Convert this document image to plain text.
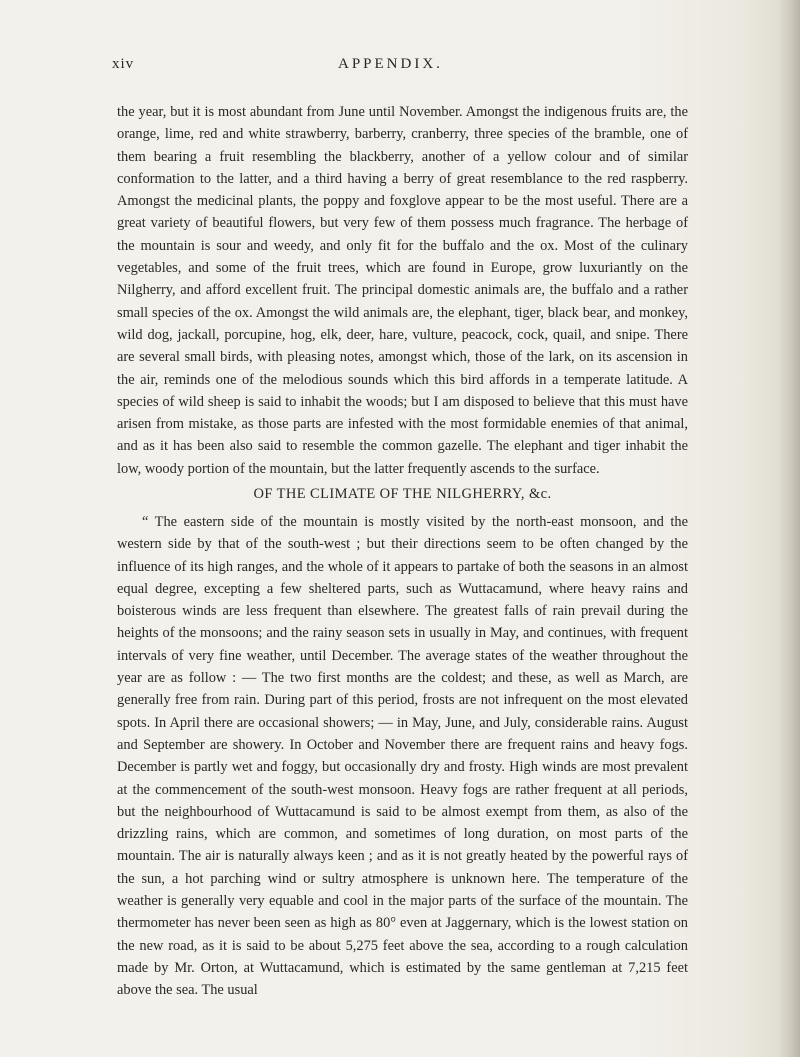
xiv	APPENDIX.
the year, but it is most abundant from June until November. Amongst the indigenous fruits are, the orange, lime, red and white strawberry, barberry, cranberry, three species of the bramble, one of them bearing a fruit resembling the blackberry, another of a yellow colour and of similar conformation to the latter, and a third having a berry of great resemblance to the red raspberry. Amongst the medicinal plants, the poppy and foxglove appear to be the most useful. There are a great variety of beautiful flowers, but very few of them possess much fragrance. The herbage of the mountain is sour and weedy, and only fit for the buffalo and the ox. Most of the culinary vegetables, and some of the fruit trees, which are found in Europe, grow luxuriantly on the Nilgherry, and afford excellent fruit. The principal domestic animals are, the buffalo and a rather small species of the ox. Amongst the wild animals are, the elephant, tiger, black bear, and monkey, wild dog, jackall, porcupine, hog, elk, deer, hare, vulture, peacock, cock, quail, and snipe. There are several small birds, with pleasing notes, amongst which, those of the lark, on its ascension in the air, reminds one of the melodious sounds which this bird affords in a temperate latitude. A species of wild sheep is said to inhabit the woods; but I am disposed to believe that this must have arisen from mistake, as those parts are infested with the most formidable enemies of that animal, and as it has been also said to resemble the common gazelle. The elephant and tiger inhabit the low, woody portion of the mountain, but the latter frequently ascends to the surface.
OF THE CLIMATE OF THE NILGHERRY, &c.
“ The eastern side of the mountain is mostly visited by the north-east monsoon, and the western side by that of the south-west ; but their directions seem to be often changed by the influence of its high ranges, and the whole of it appears to partake of both the seasons in an almost equal degree, excepting a few sheltered parts, such as Wuttacamund, where heavy rains and boisterous winds are less frequent than elsewhere. The greatest falls of rain prevail during the heights of the monsoons; and the rainy season sets in usually in May, and continues, with frequent intervals of very fine weather, until December. The average states of the weather throughout the year are as follow : — The two first months are the coldest; and these, as well as March, are generally free from rain. During part of this period, frosts are not infrequent on the most elevated spots. In April there are occasional showers; — in May, June, and July, considerable rains. August and September are showery. In October and November there are frequent rains and heavy fogs. December is partly wet and foggy, but occasionally dry and frosty. High winds are most prevalent at the commencement of the south-west monsoon. Heavy fogs are rather frequent at all periods, but the neighbourhood of Wuttacamund is said to be almost exempt from them, as also of the drizzling rains, which are common, and sometimes of long duration, on most parts of the mountain. The air is naturally always keen ; and as it is not greatly heated by the powerful rays of the sun, a hot parching wind or sultry atmosphere is unknown here. The temperature of the weather is generally very equable and cool in the major parts of the surface of the mountain. The thermometer has never been seen as high as 80° even at Jaggernary, which is the lowest station on the new road, as it is said to be about 5,275 feet above the sea, according to a rough calculation made by Mr. Orton, at Wuttacamund, which is estimated by the same gentleman at 7,215 feet above the sea. The usual
